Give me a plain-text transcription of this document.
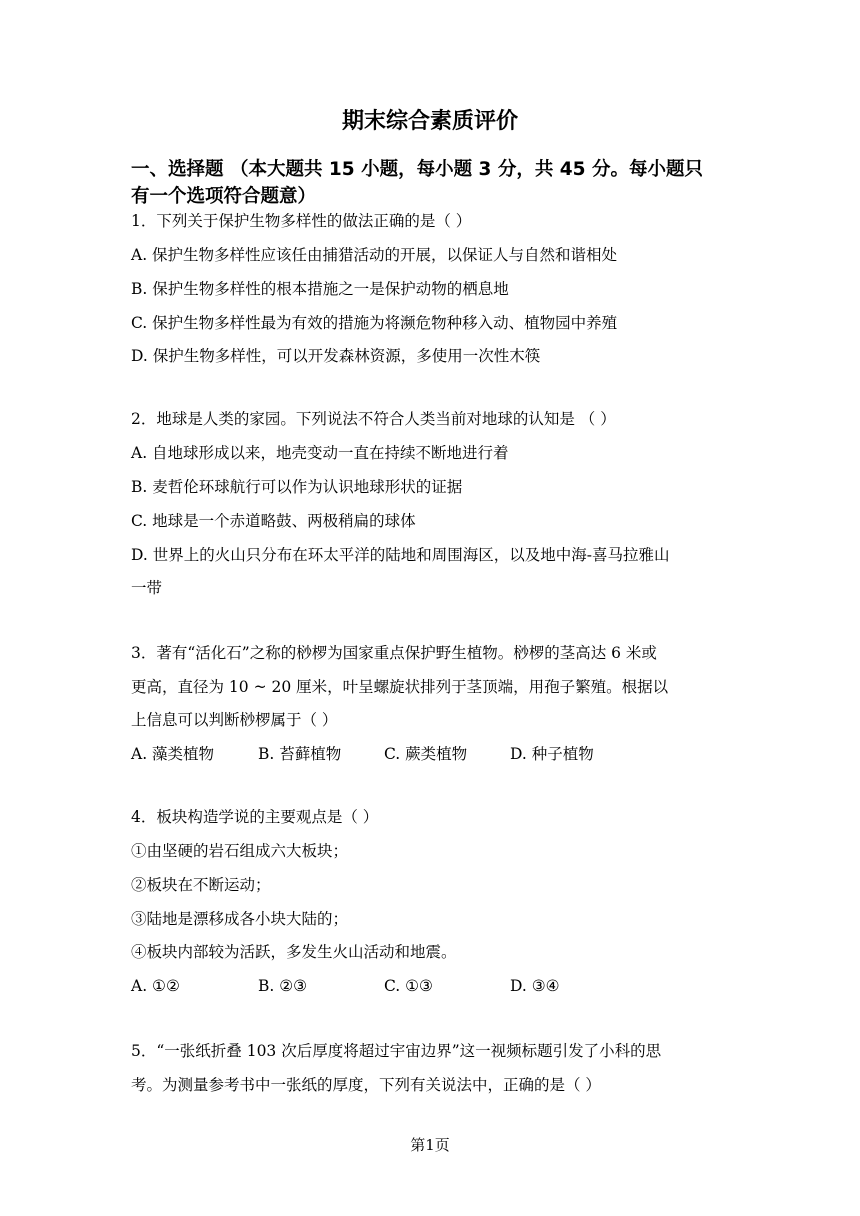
期末综合素质评价
一、选择题 （本大题共 15 小题，每小题 3 分，共 45 分。每小题只
有一个选项符合题意）
1．下列关于保护生物多样性的做法正确的是（ ）
A. 保护生物多样性应该任由捕猎活动的开展，以保证人与自然和谐相处
B. 保护生物多样性的根本措施之一是保护动物的栖息地
C. 保护生物多样性最为有效的措施为将濒危物种移入动、植物园中养殖
D. 保护生物多样性，可以开发森林资源，多使用一次性木筷
2．地球是人类的家园。下列说法不符合人类当前对地球的认知是 （ ）
A. 自地球形成以来，地壳变动一直在持续不断地进行着
B. 麦哲伦环球航行可以作为认识地球形状的证据
C. 地球是一个赤道略鼓、两极稍扁的球体
D. 世界上的火山只分布在环太平洋的陆地和周围海区，以及地中海-喜马拉雅山
一带
3．著有“活化石”之称的桫椤为国家重点保护野生植物。桫椤的茎高达 6 米或
更高，直径为 10 ~ 20 厘米，叶呈螺旋状排列于茎顶端，用孢子繁殖。根据以
上信息可以判断桫椤属于（ ）
A. 藻类植物	B. 苔藓植物	C. 蕨类植物	D. 种子植物
4．板块构造学说的主要观点是（ ）
①由坚硬的岩石组成六大板块；
②板块在不断运动；
③陆地是漂移成各小块大陆的；
④板块内部较为活跃，多发生火山活动和地震。
A. ①②	B. ②③	C. ①③	D. ③④
5．“一张纸折叠 103 次后厚度将超过宇宙边界”这一视频标题引发了小科的思
考。为测量参考书中一张纸的厚度，下列有关说法中，正确的是（ ）
第1页
